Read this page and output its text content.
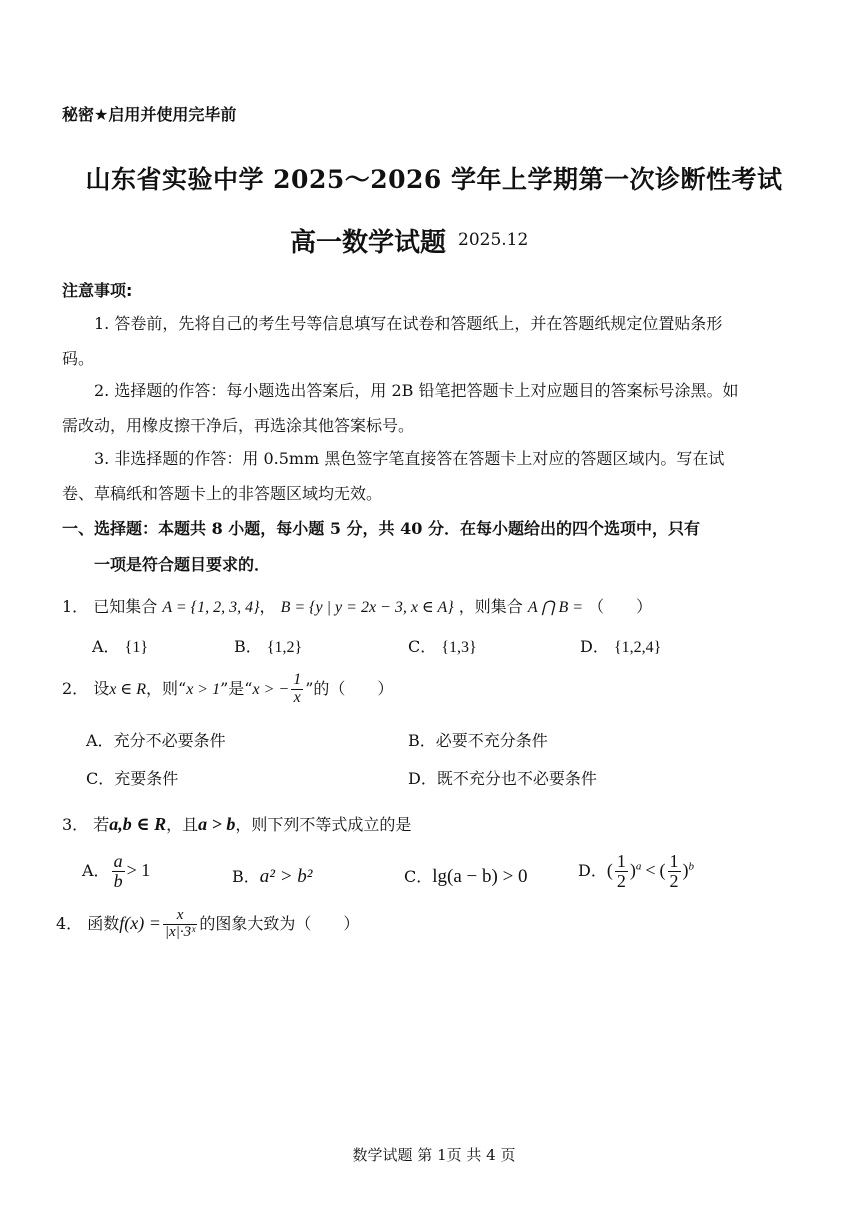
秘密★启用并使用完毕前
山东省实验中学 2025～2026 学年上学期第一次诊断性考试
高一数学试题 2025.12
注意事项:
1. 答卷前，先将自己的考生号等信息填写在试卷和答题纸上，并在答题纸规定位置贴条形码。
2. 选择题的作答：每小题选出答案后，用 2B 铅笔把答题卡上对应题目的答案标号涂黑。如需改动，用橡皮擦干净后，再选涂其他答案标号。
3. 非选择题的作答：用 0.5mm 黑色签字笔直接答在答题卡上对应的答题区域内。写在试卷、草稿纸和答题卡上的非答题区域均无效。
一、选择题：本题共 8 小题，每小题 5 分，共 40 分．在每小题给出的四个选项中，只有
一项是符合题目要求的．
1． 已知集合 A = {1, 2, 3, 4}， B = {y | y = 2x − 3, x ∈ A} ，则集合 A ⋂ B = （　　）
A． {1}	B． {1,2}	C． {1,3}	D． {1,2,4}
2． 设x ∈ R，则“x > 1”是“x > − $\frac{1}{x}$ ”的（　　）
A．充分不必要条件	B．必要不充分条件
C．充要条件	D．既不充分也不必要条件
3． 若a,b ∈ R，且a > b，则下列不等式成立的是
A． $\frac{a}{b} > 1$	B．a² > b²	C．lg(a − b) > 0	D．( $\frac{1}{2} )^a$ < ( $\frac{1}{2} )^b$
4． 函数$f(x) = \frac{x}{\text{|x|·3ˣ}}$ 的图象大致为（　　）
数学试题 第 1页 共 4 页
